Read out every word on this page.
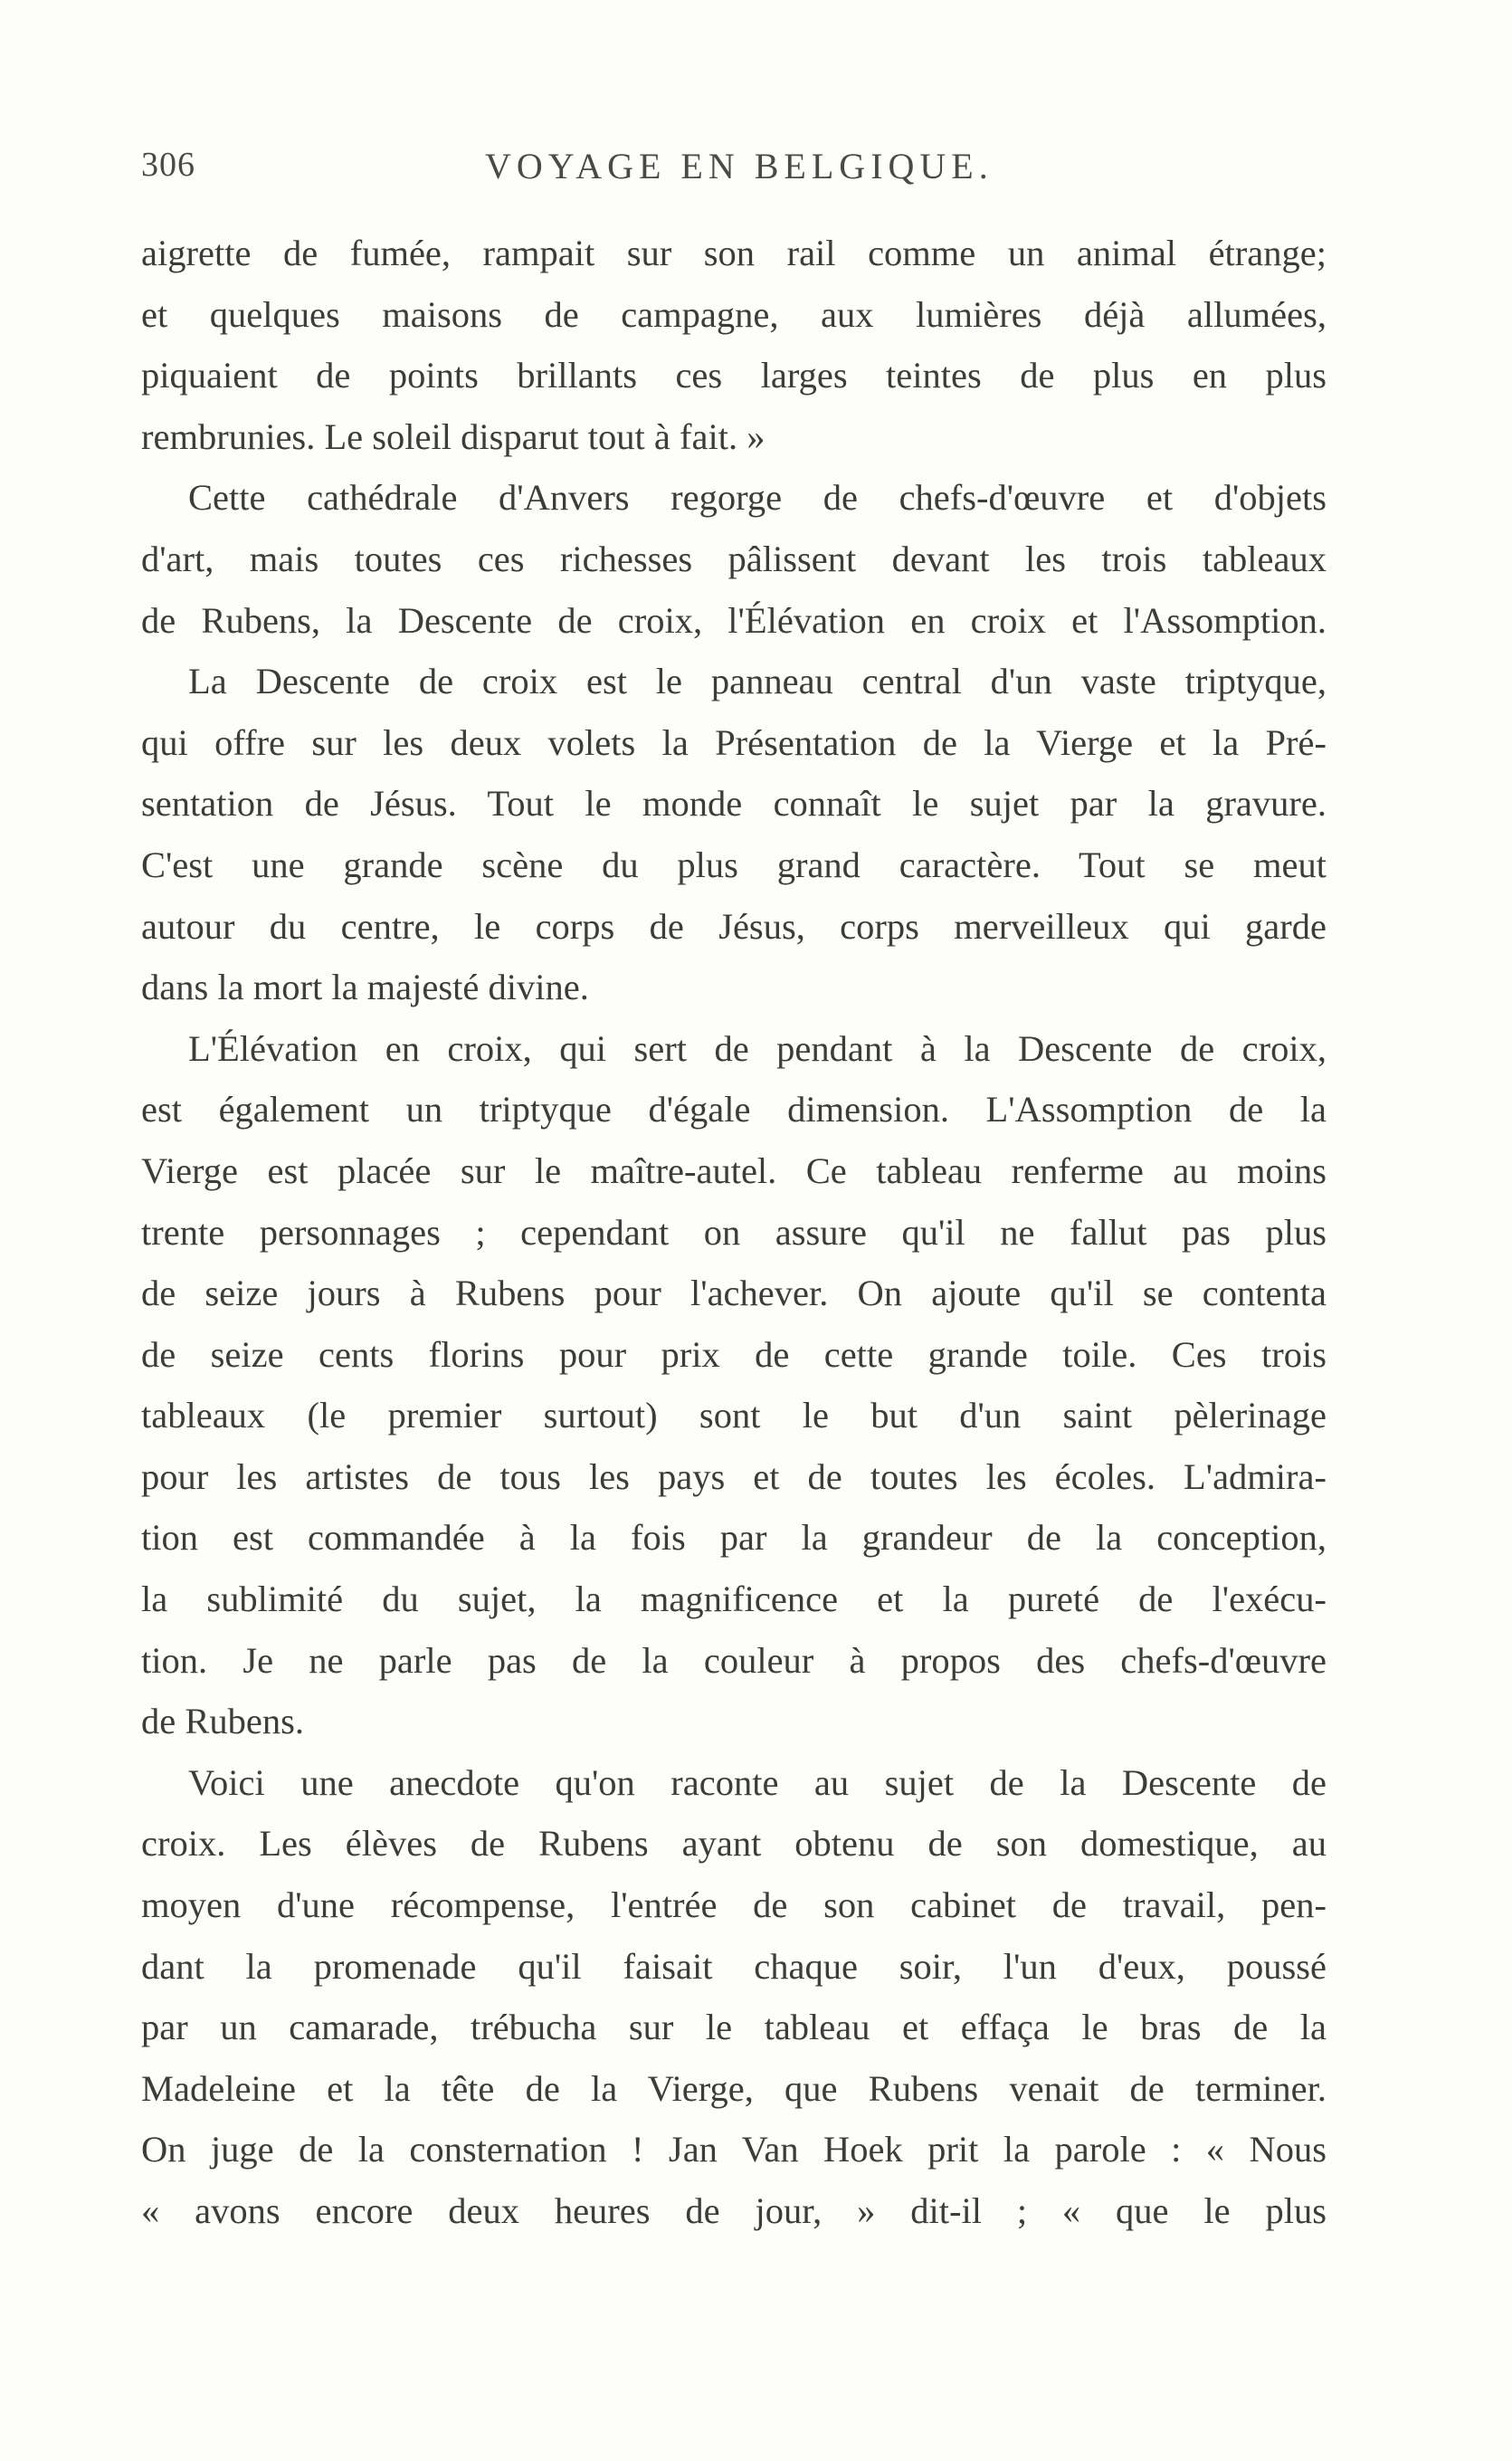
306	VOYAGE EN BELGIQUE.
aigrette de fumée, rampait sur son rail comme un animal étrange;
et quelques maisons de campagne, aux lumières déjà allumées,
piquaient de points brillants ces larges teintes de plus en plus
rembrunies. Le soleil disparut tout à fait. »
Cette cathédrale d'Anvers regorge de chefs-d'œuvre et d'objets
d'art, mais toutes ces richesses pâlissent devant les trois tableaux
de Rubens, la Descente de croix, l'Élévation en croix et l'Assomption.
La Descente de croix est le panneau central d'un vaste triptyque,
qui offre sur les deux volets la Présentation de la Vierge et la Pré-
sentation de Jésus. Tout le monde connaît le sujet par la gravure.
C'est une grande scène du plus grand caractère. Tout se meut
autour du centre, le corps de Jésus, corps merveilleux qui garde
dans la mort la majesté divine.
L'Élévation en croix, qui sert de pendant à la Descente de croix,
est également un triptyque d'égale dimension. L'Assomption de la
Vierge est placée sur le maître-autel. Ce tableau renferme au moins
trente personnages ; cependant on assure qu'il ne fallut pas plus
de seize jours à Rubens pour l'achever. On ajoute qu'il se contenta
de seize cents florins pour prix de cette grande toile. Ces trois
tableaux (le premier surtout) sont le but d'un saint pèlerinage
pour les artistes de tous les pays et de toutes les écoles. L'admira-
tion est commandée à la fois par la grandeur de la conception,
la sublimité du sujet, la magnificence et la pureté de l'exécu-
tion. Je ne parle pas de la couleur à propos des chefs-d'œuvre
de Rubens.
Voici une anecdote qu'on raconte au sujet de la Descente de
croix. Les élèves de Rubens ayant obtenu de son domestique, au
moyen d'une récompense, l'entrée de son cabinet de travail, pen-
dant la promenade qu'il faisait chaque soir, l'un d'eux, poussé
par un camarade, trébucha sur le tableau et effaça le bras de la
Madeleine et la tête de la Vierge, que Rubens venait de terminer.
On juge de la consternation ! Jan Van Hoek prit la parole : « Nous
« avons encore deux heures de jour, » dit-il ; « que le plus
